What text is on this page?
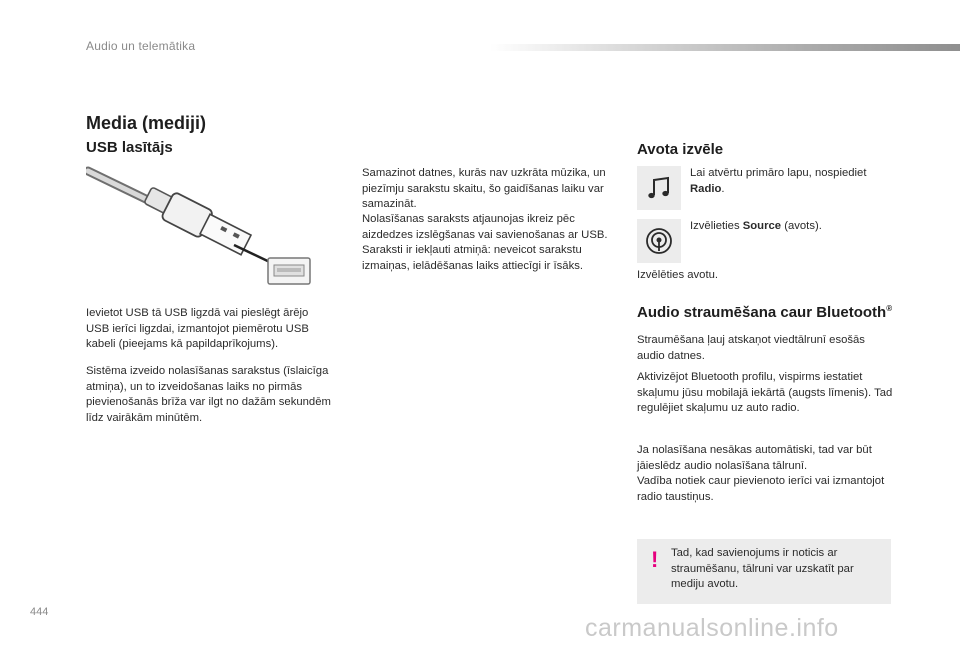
Audio un telemātika
Media (mediji)
USB lasītājs
Ievietot USB tā USB ligzdā vai pieslēgt ārējo USB ierīci ligzdai, izmantojot piemērotu USB kabeli (pieejams kā papildaprīkojums).
Sistēma izveido nolasīšanas sarakstus (īslaicīga atmiņa), un to izveidošanas laiks no pirmās pievienošanās brīža var ilgt no dažām sekundēm līdz vairākām minūtēm.
Samazinot datnes, kurās nav uzkrāta mūzika, un piezīmju sarakstu skaitu, šo gaidīšanas laiku var samazināt.
Nolasīšanas saraksts atjaunojas ikreiz pēc aizdedzes izslēgšanas vai savienošanas ar USB. Saraksti ir iekļauti atmiņā: neveicot sarakstu izmaiņas, ielādēšanas laiks attiecīgi ir īsāks.
Avota izvēle
Lai atvērtu primāro lapu, nospiediet Radio.
Izvēlieties Source (avots).
Izvēlēties avotu.
Audio straumēšana caur Bluetooth®
Straumēšana ļauj atskaņot viedtālrunī esošās audio datnes.
Aktivizējot Bluetooth profilu, vispirms iestatiet skaļumu jūsu mobilajā iekārtā (augsts līmenis). Tad regulējiet skaļumu uz auto radio.
Ja nolasīšana nesākas automātiski, tad var būt jāieslēdz audio nolasīšana tālrunī.
Vadība notiek caur pievienoto ierīci vai izmantojot radio taustiņus.
! Tad, kad savienojums ir noticis ar straumēšanu, tālruni var uzskatīt par mediju avotu.
444
carmanualsonline.info
